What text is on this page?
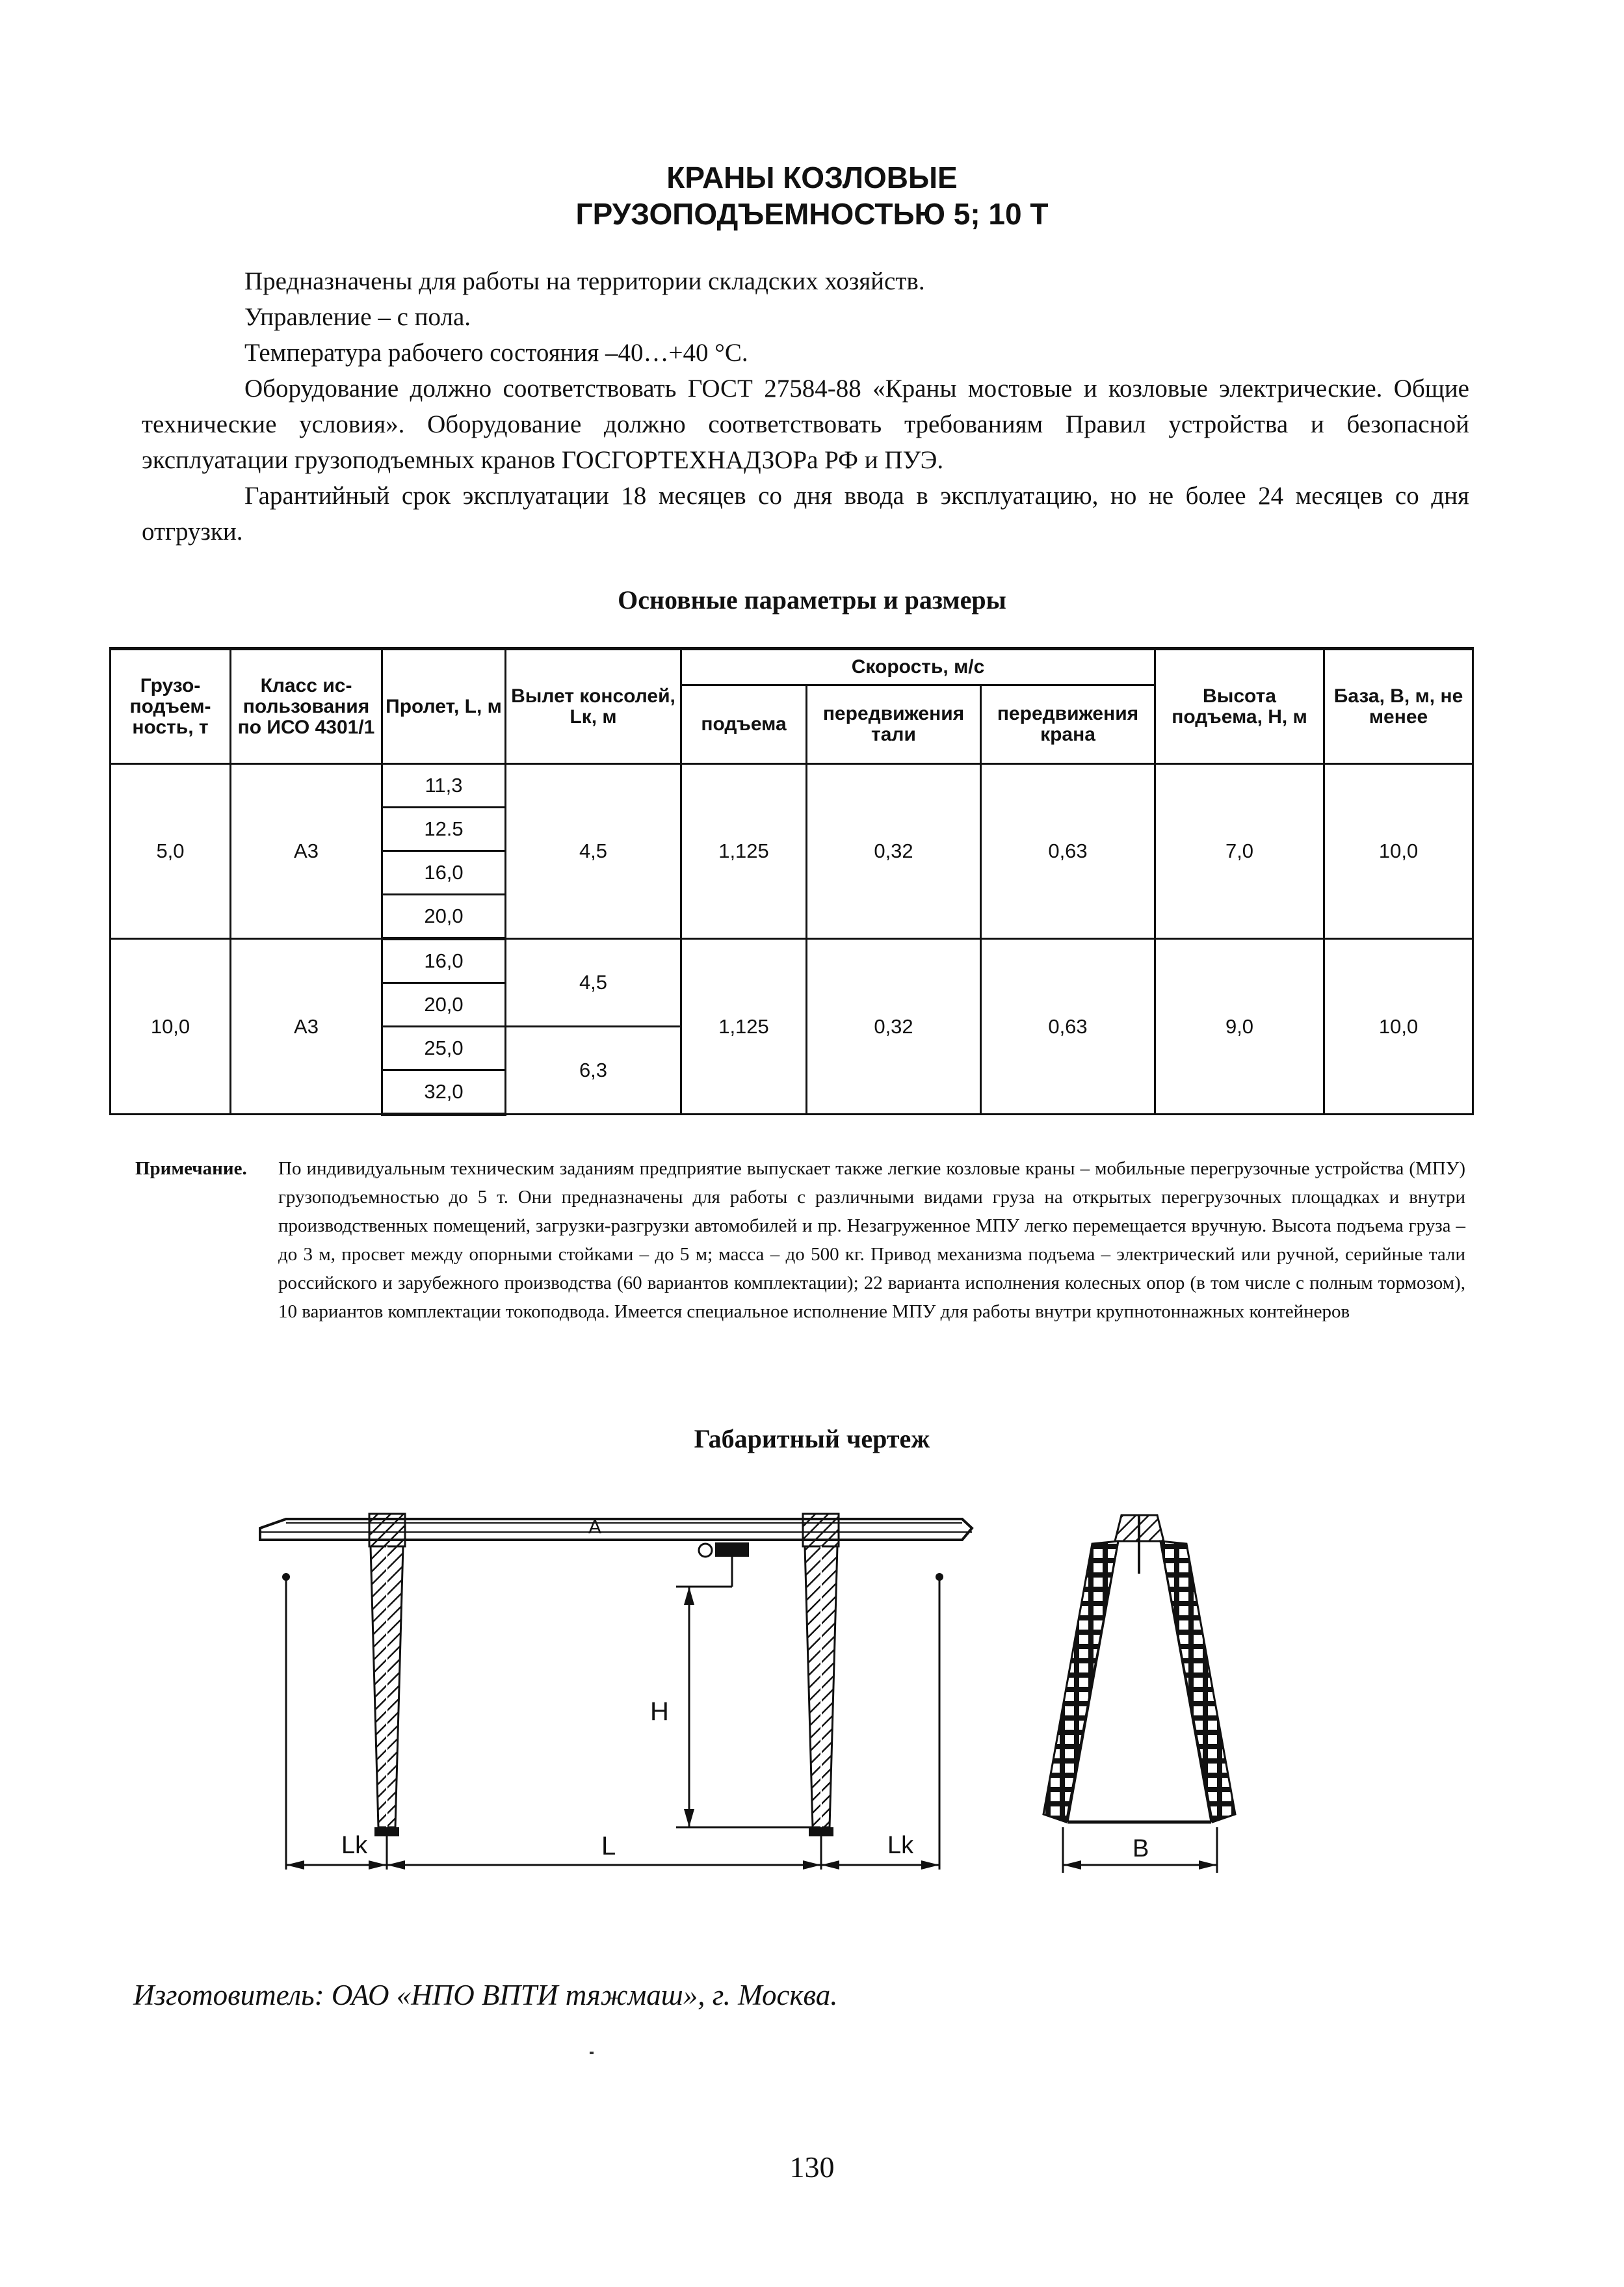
КРАНЫ КОЗЛОВЫЕ
ГРУЗОПОДЪЕМНОСТЬЮ 5; 10 Т

Предназначены для работы на территории складских хозяйств.

Управление – с пола.

Температура рабочего состояния –40…+40 °С.

Оборудование должно соответствовать ГОСТ 27584-88 «Краны мостовые и козловые электрические. Общие технические условия». Оборудование должно соответствовать требованиям Правил устройства и безопасной эксплуатации грузоподъемных кранов ГОСГОРТЕХНАДЗОРа РФ и ПУЭ.

Гарантийный срок эксплуатации 18 месяцев со дня ввода в эксплуатацию, но не более 24 месяцев со дня отгрузки.

Основные параметры и размеры
Грузо-подъем-ность, т	Класс ис-пользования по ИСО 4301/1	Пролет, L, м	Вылет консолей, Lк, м	Скорость, м/с			Высота подъема, Н, м	База, В, м, не менее
				подъема	передвижения тали	передвижения крана		
5,0	А3	11,3	4,5	1,125	0,32	0,63	7,0	10,0
		12.5						
		16,0						
		20,0						
10,0	А3	16,0	4,5	1,125	0,32	0,63	9,0	10,0
		20,0						
		25,0	6,3					
		32,0						
Примечание. По индивидуальным техническим заданиям предприятие выпускает также легкие козловые краны – мобильные перегрузочные устройства (МПУ) грузоподъемностью до 5 т. Они предназначены для работы с различными видами груза на открытых перегрузочных площадках и внутри производственных помещений, загрузки-разгрузки автомобилей и пр. Незагруженное МПУ легко перемещается вручную. Высота подъема груза – до 3 м, просвет между опорными стойками – до 5 м; масса – до 500 кг. Привод механизма подъема – электрический или ручной, серийные тали российского и зарубежного производства (60 вариантов комплектации); 22 варианта исполнения колесных опор (в том числе с полным тормозом), 10 вариантов комплектации токоподвода. Имеется специальное исполнение МПУ для работы внутри крупнотоннажных контейнеров
Габаритный чертеж
H
A
Lk	L	Lk	B
Изготовитель: ОАО «НПО ВПТИ тяжмаш», г. Москва.
130
